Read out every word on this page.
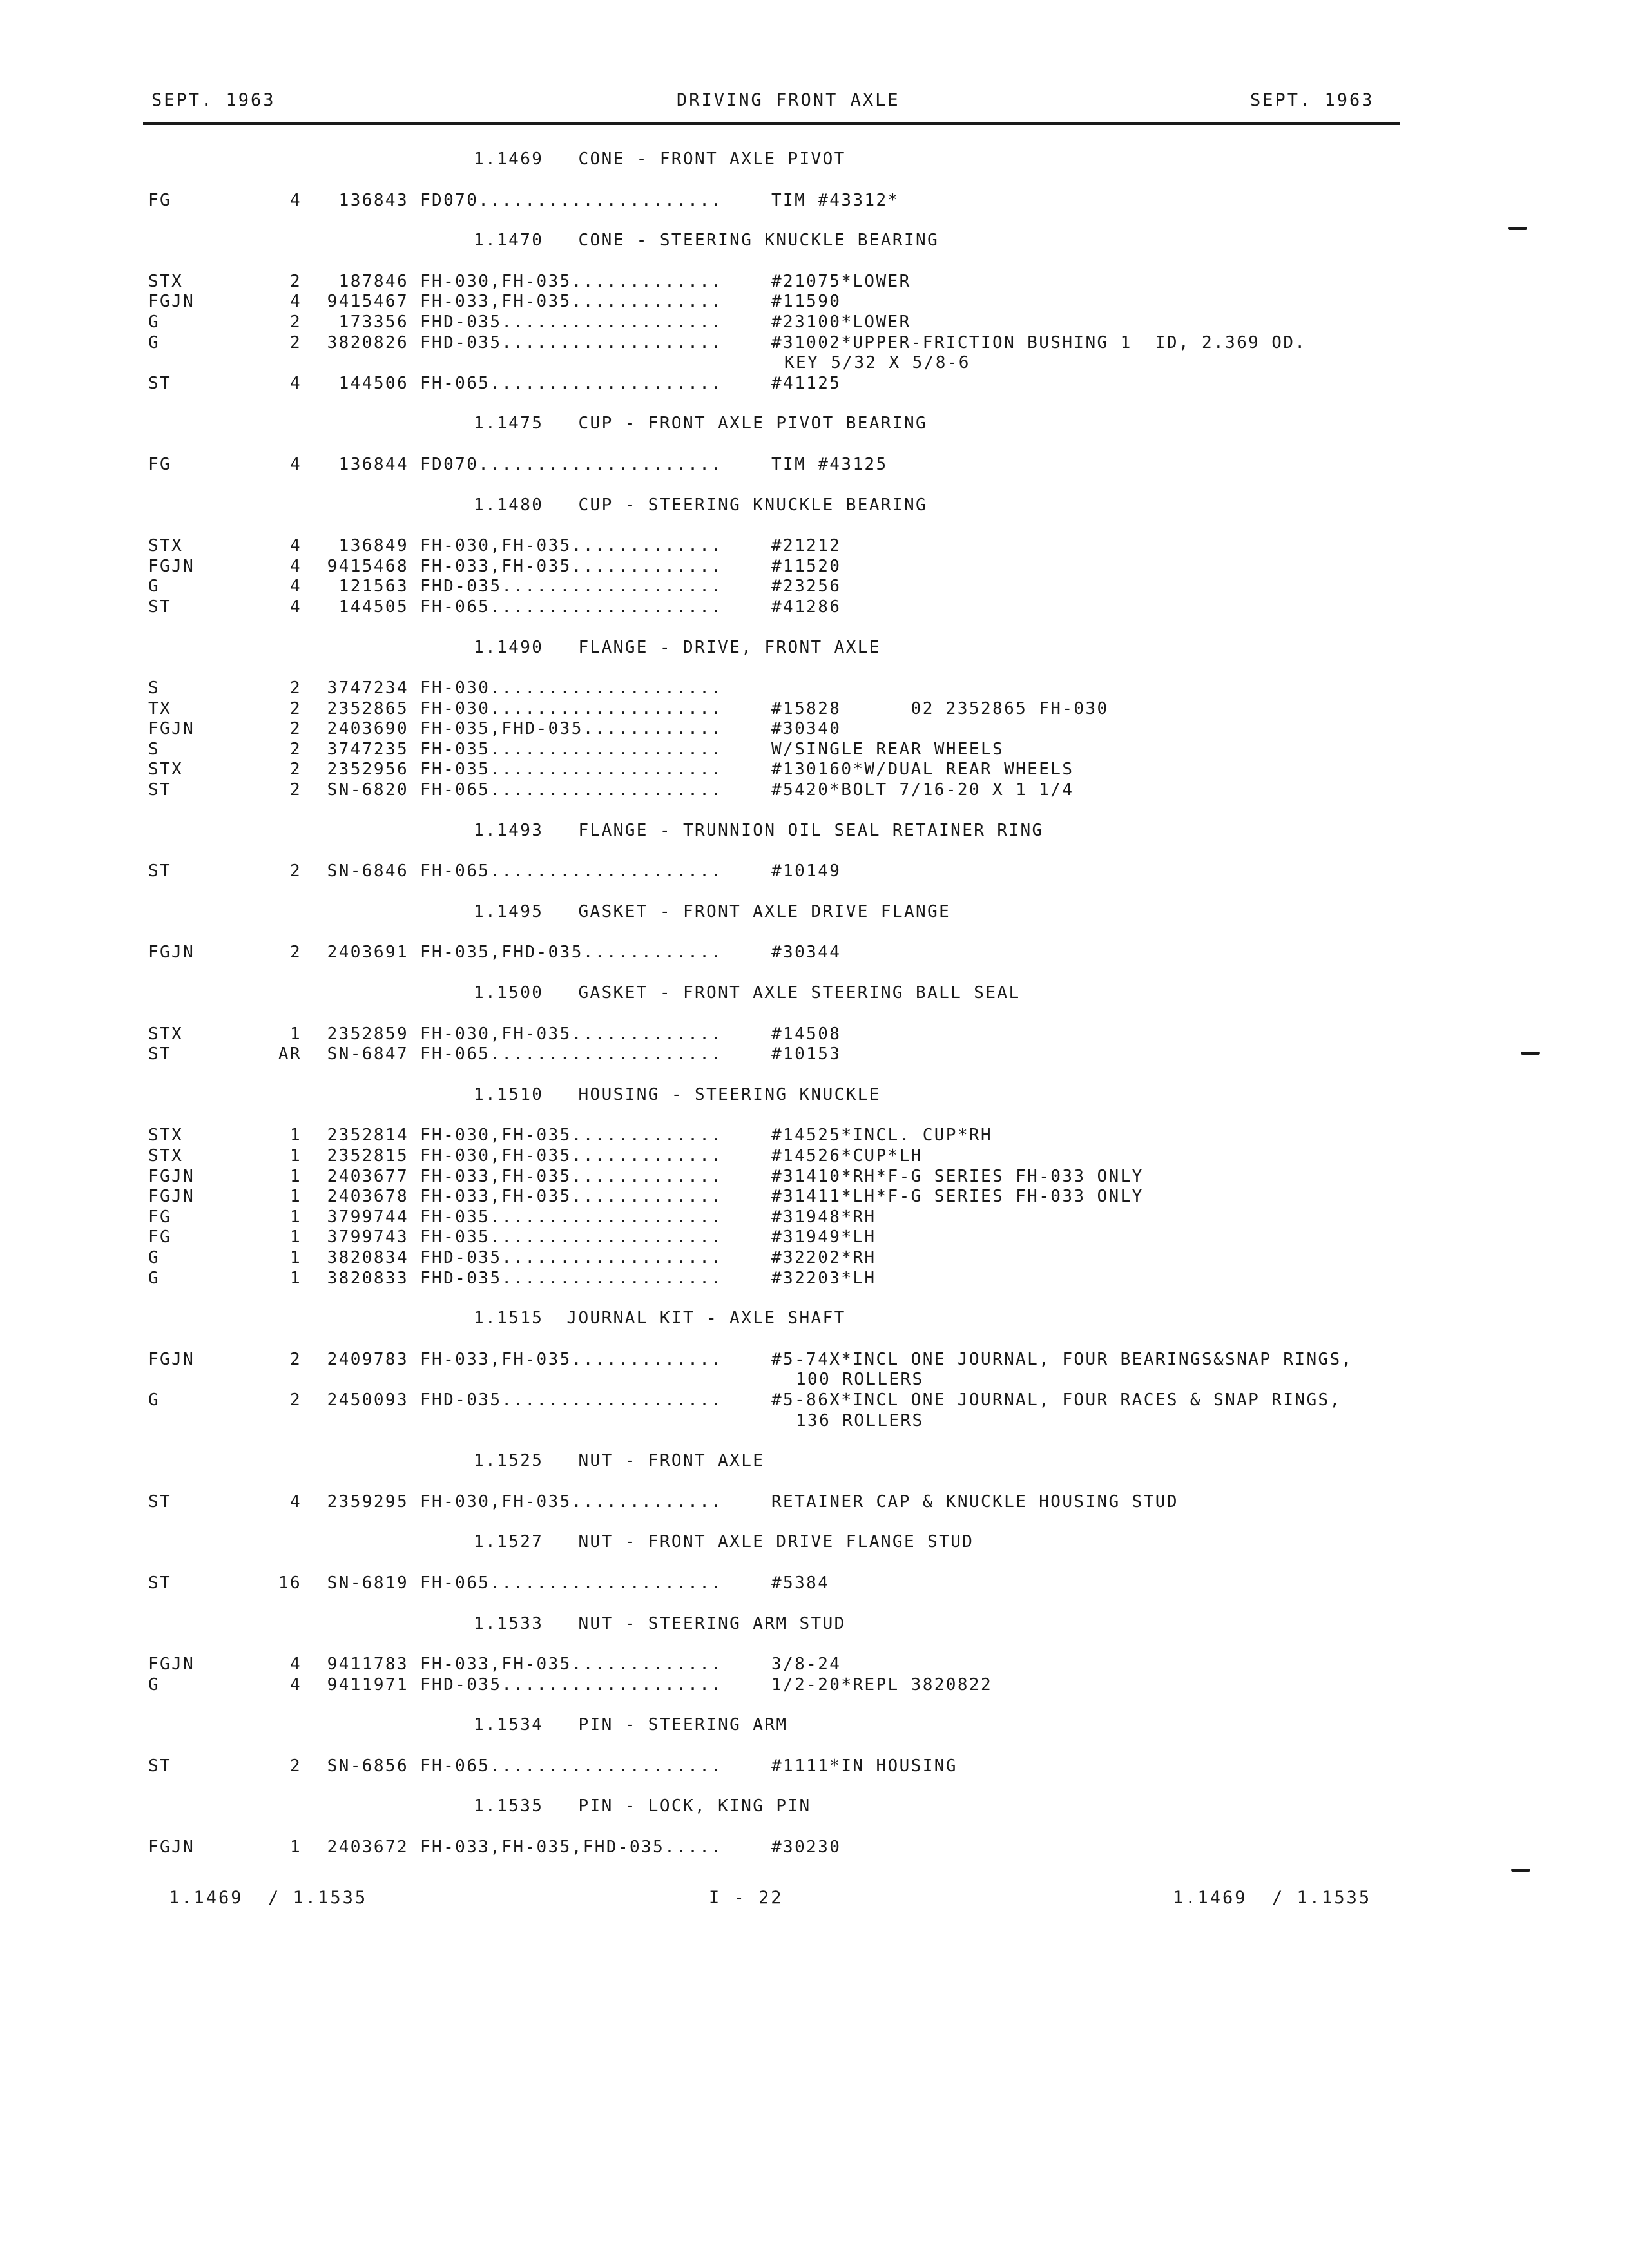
SEPT. 1963	DRIVING FRONT AXLE	SEPT. 1963
1.1469   CONE - FRONT AXLE PIVOT
FG	4	136843 FD070.....................	TIM #43312*
1.1470   CONE - STEERING KNUCKLE BEARING
STX	2	187846 FH-030,FH-035.............	#21075*LOWER
FGJN	4	9415467 FH-033,FH-035.............	#11590
G	2	173356 FHD-035...................	#23100*LOWER
G	2	3820826 FHD-035...................	#31002*UPPER-FRICTION BUSHING 1  ID, 2.369 OD.
KEY 5/32 X 5/8-6
ST	4	144506 FH-065....................	#41125
1.1475   CUP - FRONT AXLE PIVOT BEARING
FG	4	136844 FD070.....................	TIM #43125
1.1480   CUP - STEERING KNUCKLE BEARING
STX	4	136849 FH-030,FH-035.............	#21212
FGJN	4	9415468 FH-033,FH-035.............	#11520
G	4	121563 FHD-035...................	#23256
ST	4	144505 FH-065....................	#41286
1.1490   FLANGE - DRIVE, FRONT AXLE
S	2	3747234 FH-030....................
TX	2	2352865 FH-030....................	#15828      02 2352865 FH-030
FGJN	2	2403690 FH-035,FHD-035............	#30340
S	2	3747235 FH-035....................	W/SINGLE REAR WHEELS
STX	2	2352956 FH-035....................	#130160*W/DUAL REAR WHEELS
ST	2	SN-6820 FH-065....................	#5420*BOLT 7/16-20 X 1 1/4
1.1493   FLANGE - TRUNNION OIL SEAL RETAINER RING
ST	2	SN-6846 FH-065....................	#10149
1.1495   GASKET - FRONT AXLE DRIVE FLANGE
FGJN	2	2403691 FH-035,FHD-035............	#30344
1.1500   GASKET - FRONT AXLE STEERING BALL SEAL
STX	1	2352859 FH-030,FH-035.............	#14508
ST	AR	SN-6847 FH-065....................	#10153
1.1510   HOUSING - STEERING KNUCKLE
STX	1	2352814 FH-030,FH-035.............	#14525*INCL. CUP*RH
STX	1	2352815 FH-030,FH-035.............	#14526*CUP*LH
FGJN	1	2403677 FH-033,FH-035.............	#31410*RH*F-G SERIES FH-033 ONLY
FGJN	1	2403678 FH-033,FH-035.............	#31411*LH*F-G SERIES FH-033 ONLY
FG	1	3799744 FH-035....................	#31948*RH
FG	1	3799743 FH-035....................	#31949*LH
G	1	3820834 FHD-035...................	#32202*RH
G	1	3820833 FHD-035...................	#32203*LH
1.1515  JOURNAL KIT - AXLE SHAFT
FGJN	2	2409783 FH-033,FH-035.............	#5-74X*INCL ONE JOURNAL, FOUR BEARINGS&SNAP RINGS,
100 ROLLERS
G	2	2450093 FHD-035...................	#5-86X*INCL ONE JOURNAL, FOUR RACES & SNAP RINGS,
136 ROLLERS
1.1525   NUT - FRONT AXLE
ST	4	2359295 FH-030,FH-035.............	RETAINER CAP & KNUCKLE HOUSING STUD
1.1527   NUT - FRONT AXLE DRIVE FLANGE STUD
ST	16	SN-6819 FH-065....................	#5384
1.1533   NUT - STEERING ARM STUD
FGJN	4	9411783 FH-033,FH-035.............	3/8-24
G	4	9411971 FHD-035...................	1/2-20*REPL 3820822
1.1534   PIN - STEERING ARM
ST	2	SN-6856 FH-065....................	#1111*IN HOUSING
1.1535   PIN - LOCK, KING PIN
FGJN	1	2403672 FH-033,FH-035,FHD-035.....	#30230
1.1469  / 1.1535	I - 22	1.1469  / 1.1535
